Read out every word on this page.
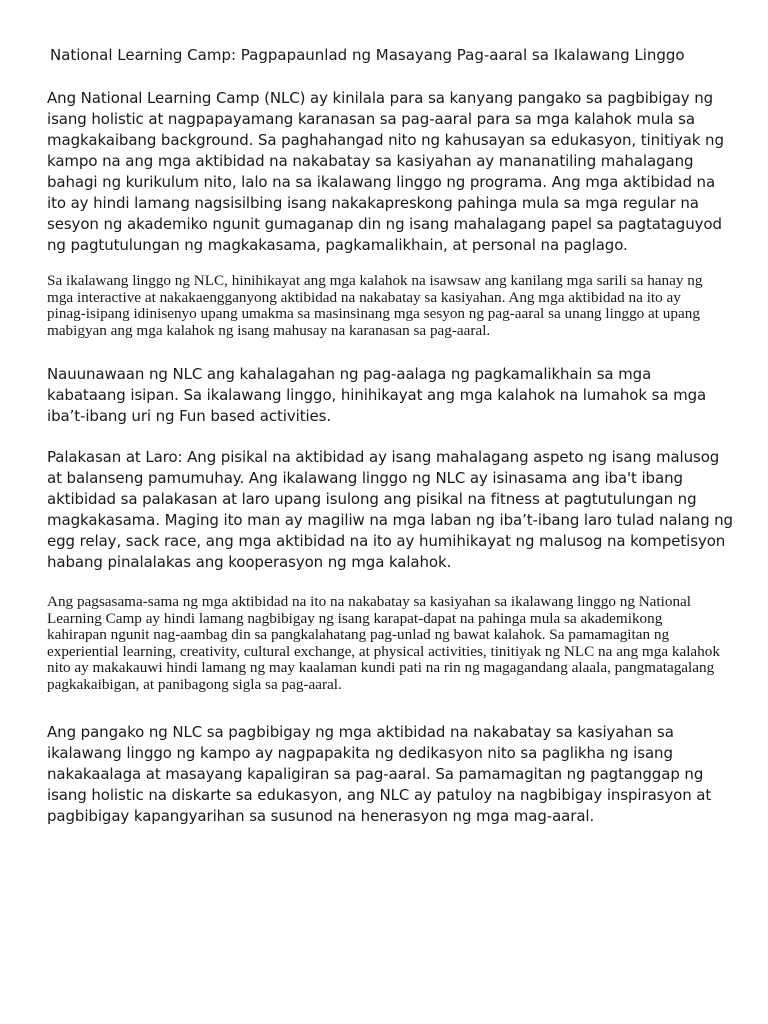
National Learning Camp: Pagpapaunlad ng Masayang Pag-aaral sa Ikalawang Linggo

Ang National Learning Camp (NLC) ay kinilala para sa kanyang pangako sa pagbibigay ng isang holistic at nagpapayamang karanasan sa pag-aaral para sa mga kalahok mula sa magkakaibang background. Sa paghahangad nito ng kahusayan sa edukasyon, tinitiyak ng kampo na ang mga aktibidad na nakabatay sa kasiyahan ay mananatiling mahalagang bahagi ng kurikulum nito, lalo na sa ikalawang linggo ng programa. Ang mga aktibidad na ito ay hindi lamang nagsisilbing isang nakakapreskong pahinga mula sa mga regular na sesyon ng akademiko ngunit gumaganap din ng isang mahalagang papel sa pagtataguyod ng pagtutulungan ng magkakasama, pagkamalikhain, at personal na paglago.

Sa ikalawang linggo ng NLC, hinihikayat ang mga kalahok na isawsaw ang kanilang mga sarili sa hanay ng mga interactive at nakakaengganyong aktibidad na nakabatay sa kasiyahan. Ang mga aktibidad na ito ay pinag-isipang idinisenyo upang umakma sa masinsinang mga sesyon ng pag-aaral sa unang linggo at upang mabigyan ang mga kalahok ng isang mahusay na karanasan sa pag-aaral.

Nauunawaan ng NLC ang kahalagahan ng pag-aalaga ng pagkamalikhain sa mga kabataang isipan. Sa ikalawang linggo, hinihikayat ang mga kalahok na lumahok sa mga iba’t-ibang uri ng Fun based activities.

Palakasan at Laro: Ang pisikal na aktibidad ay isang mahalagang aspeto ng isang malusog at balanseng pamumuhay. Ang ikalawang linggo ng NLC ay isinasama ang iba't ibang aktibidad sa palakasan at laro upang isulong ang pisikal na fitness at pagtutulungan ng magkakasama. Maging ito man ay magiliw na mga laban ng iba’t-ibang laro tulad nalang ng egg relay, sack race, ang mga aktibidad na ito ay humihikayat ng malusog na kompetisyon habang pinalalakas ang kooperasyon ng mga kalahok.

Ang pagsasama-sama ng mga aktibidad na ito na nakabatay sa kasiyahan sa ikalawang linggo ng National Learning Camp ay hindi lamang nagbibigay ng isang karapat-dapat na pahinga mula sa akademikong kahirapan ngunit nag-aambag din sa pangkalahatang pag-unlad ng bawat kalahok. Sa pamamagitan ng experiential learning, creativity, cultural exchange, at physical activities, tinitiyak ng NLC na ang mga kalahok nito ay makakauwi hindi lamang ng may kaalaman kundi pati na rin ng magagandang alaala, pangmatagalang pagkakaibigan, at panibagong sigla sa pag-aaral.

Ang pangako ng NLC sa pagbibigay ng mga aktibidad na nakabatay sa kasiyahan sa ikalawang linggo ng kampo ay nagpapakita ng dedikasyon nito sa paglikha ng isang nakakaalaga at masayang kapaligiran sa pag-aaral. Sa pamamagitan ng pagtanggap ng isang holistic na diskarte sa edukasyon, ang NLC ay patuloy na nagbibigay inspirasyon at pagbibigay kapangyarihan sa susunod na henerasyon ng mga mag-aaral.
